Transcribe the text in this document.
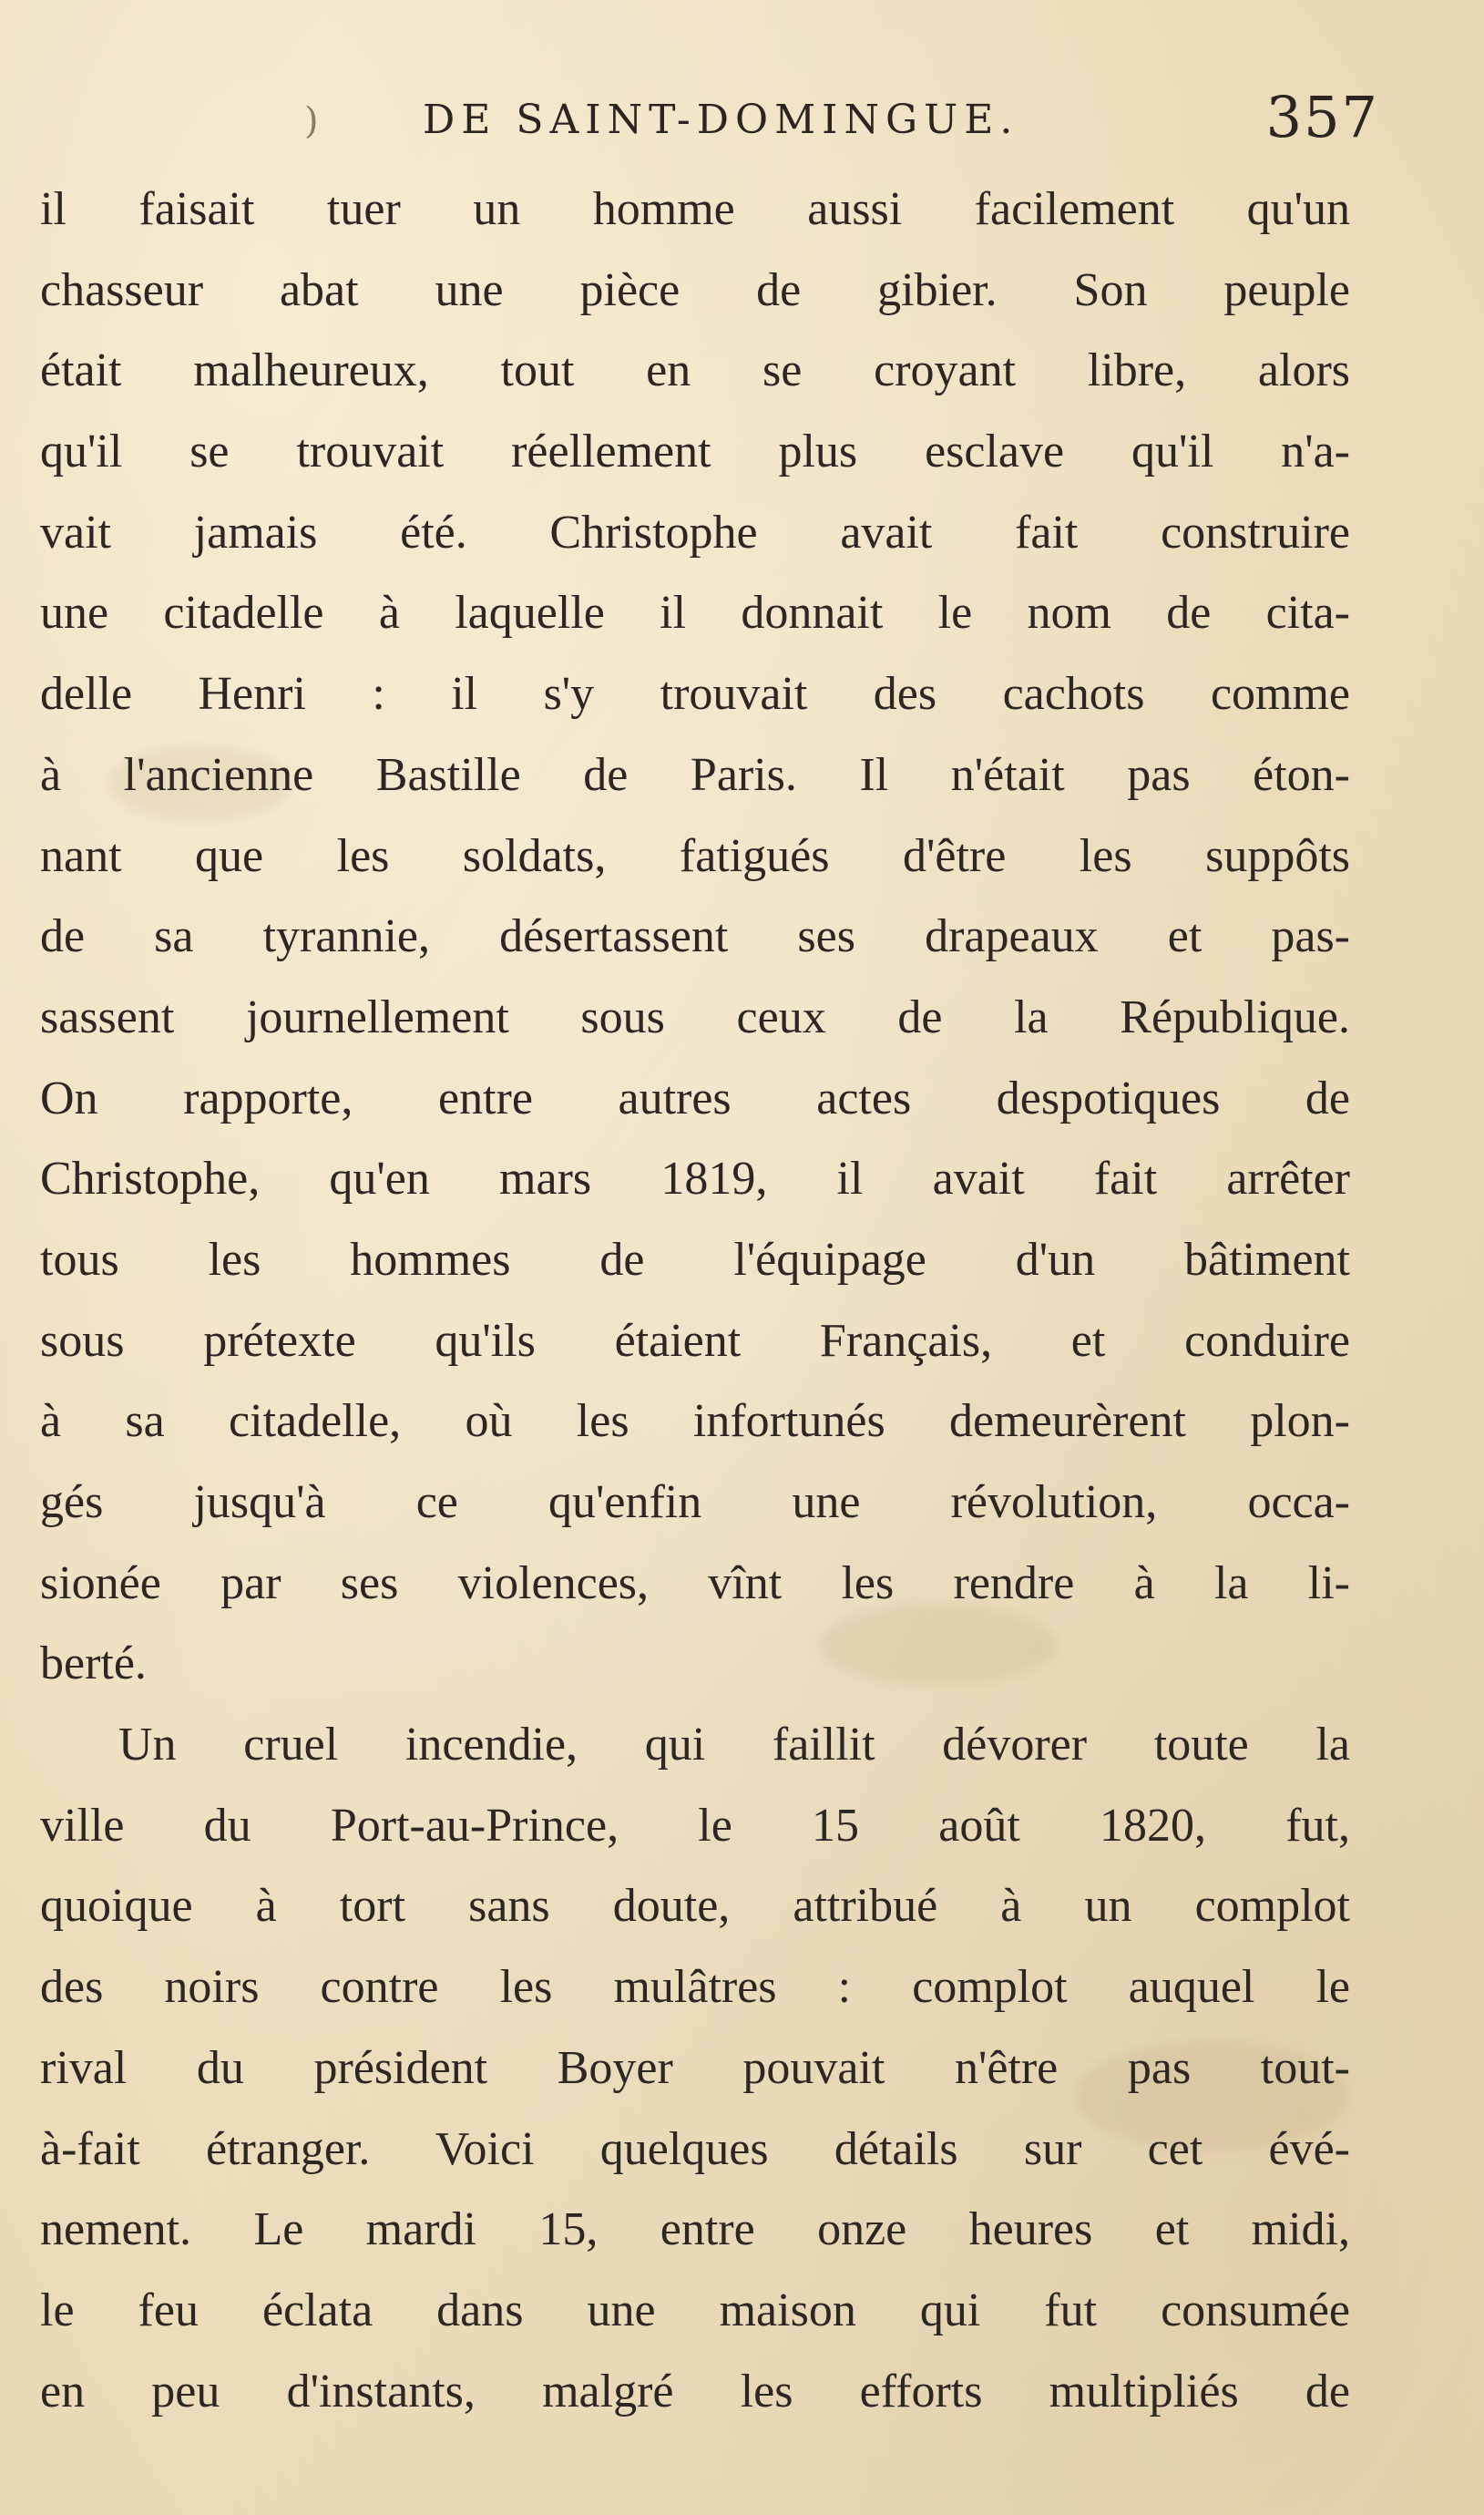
)	DE SAINT-DOMINGUE.	357
il faisait tuer un homme aussi facilement qu'un
chasseur abat une pièce de gibier. Son peuple
était malheureux, tout en se croyant libre, alors
qu'il se trouvait réellement plus esclave qu'il n'a-
vait jamais été. Christophe avait fait construire
une citadelle à laquelle il donnait le nom de cita-
delle Henri : il s'y trouvait des cachots comme
à l'ancienne Bastille de Paris. Il n'était pas éton-
nant que les soldats, fatigués d'être les suppôts
de sa tyrannie, désertassent ses drapeaux et pas-
sassent journellement sous ceux de la République.
On rapporte, entre autres actes despotiques de
Christophe, qu'en mars 1819, il avait fait arrêter
tous les hommes de l'équipage d'un bâtiment
sous prétexte qu'ils étaient Français, et conduire
à sa citadelle, où les infortunés demeurèrent plon-
gés jusqu'à ce qu'enfin une révolution, occa-
sionée par ses violences, vînt les rendre à la li-
berté.
Un cruel incendie, qui faillit dévorer toute la
ville du Port-au-Prince, le 15 août 1820, fut,
quoique à tort sans doute, attribué à un complot
des noirs contre les mulâtres : complot auquel le
rival du président Boyer pouvait n'être pas tout-
à-fait étranger. Voici quelques détails sur cet évé-
nement. Le mardi 15, entre onze heures et midi,
le feu éclata dans une maison qui fut consumée
en peu d'instants, malgré les efforts multipliés de
